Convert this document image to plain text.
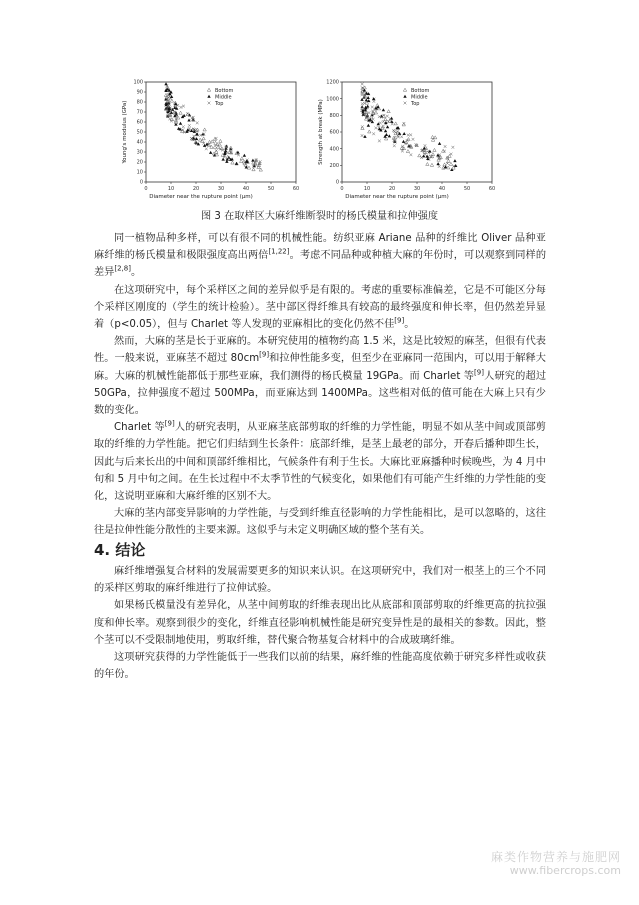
0	10	20	30	40	50	60
0
10
20
30
40
50
60
70
80
90
100
Diameter near the rupture point (μm)
Young's modulus (GPa)
Bottom
Middle
Top
0	10	20	30	40	50	60
0
200
400
600
800
1000
1200
Diameter near the rupture point (μm)
Strength at break (MPa)
Bottom
Middle
Top
图 3 在取样区大麻纤维断裂时的杨氏模量和拉伸强度

同一植物品种多样，可以有很不同的机械性能。纺织亚麻 Ariane 品种的纤维比 Oliver 品种亚麻纤维的杨氏模量和极限强度高出两倍[1,22]。考虑不同品种或种植大麻的年份时，可以观察到同样的差异[2,8]。

在这项研究中，每个采样区之间的差异似乎是有限的。考虑的重要标准偏差，它是不可能区分每个采样区刚度的（学生的统计检验）。茎中部区得纤维具有较高的最终强度和伸长率，但仍然差异显着（p<0.05），但与 Charlet 等人发现的亚麻相比的变化仍然不佳[9]。

然而，大麻的茎是长于亚麻的。本研究使用的植物约高 1.5 米，这是比较短的麻茎，但很有代表性。一般来说，亚麻茎不超过 80cm[9]和拉伸性能多变，但至少在亚麻同一范围内，可以用于解释大麻。大麻的机械性能都低于那些亚麻，我们测得的杨氏模量 19GPa。而 Charlet 等[9]人研究的超过 50GPa，拉伸强度不超过 500MPa，而亚麻达到 1400MPa。这些相对低的值可能在大麻上只有少数的变化。

Charlet 等[9]人的研究表明，从亚麻茎底部剪取的纤维的力学性能，明显不如从茎中间或顶部剪取的纤维的力学性能。把它们归结到生长条件：底部纤维，是茎上最老的部分，开春后播种即生长，因此与后来长出的中间和顶部纤维相比，气候条件有利于生长。大麻比亚麻播种时候晚些，为 4 月中旬和 5 月中旬之间。在生长过程中不太季节性的气候变化，如果他们有可能产生纤维的力学性能的变化，这说明亚麻和大麻纤维的区别不大。

大麻的茎内部变异影响的力学性能，与受到纤维直径影响的力学性能相比，是可以忽略的，这往往是拉伸性能分散性的主要来源。这似乎与未定义明确区域的整个茎有关。

4. 结论

麻纤维增强复合材料的发展需要更多的知识来认识。在这项研究中，我们对一根茎上的三个不同的采样区剪取的麻纤维进行了拉伸试验。

如果杨氏模量没有差异化，从茎中间剪取的纤维表现出比从底部和顶部剪取的纤维更高的抗拉强度和伸长率。观察到很少的变化，纤维直径影响机械性能是研究变异性是的最相关的参数。因此，整个茎可以不受限制地使用，剪取纤维，替代聚合物基复合材料中的合成玻璃纤维。

这项研究获得的力学性能低于一些我们以前的结果，麻纤维的性能高度依赖于研究多样性或收获的年份。

麻类作物营养与施肥网
www.fibercrops.com
